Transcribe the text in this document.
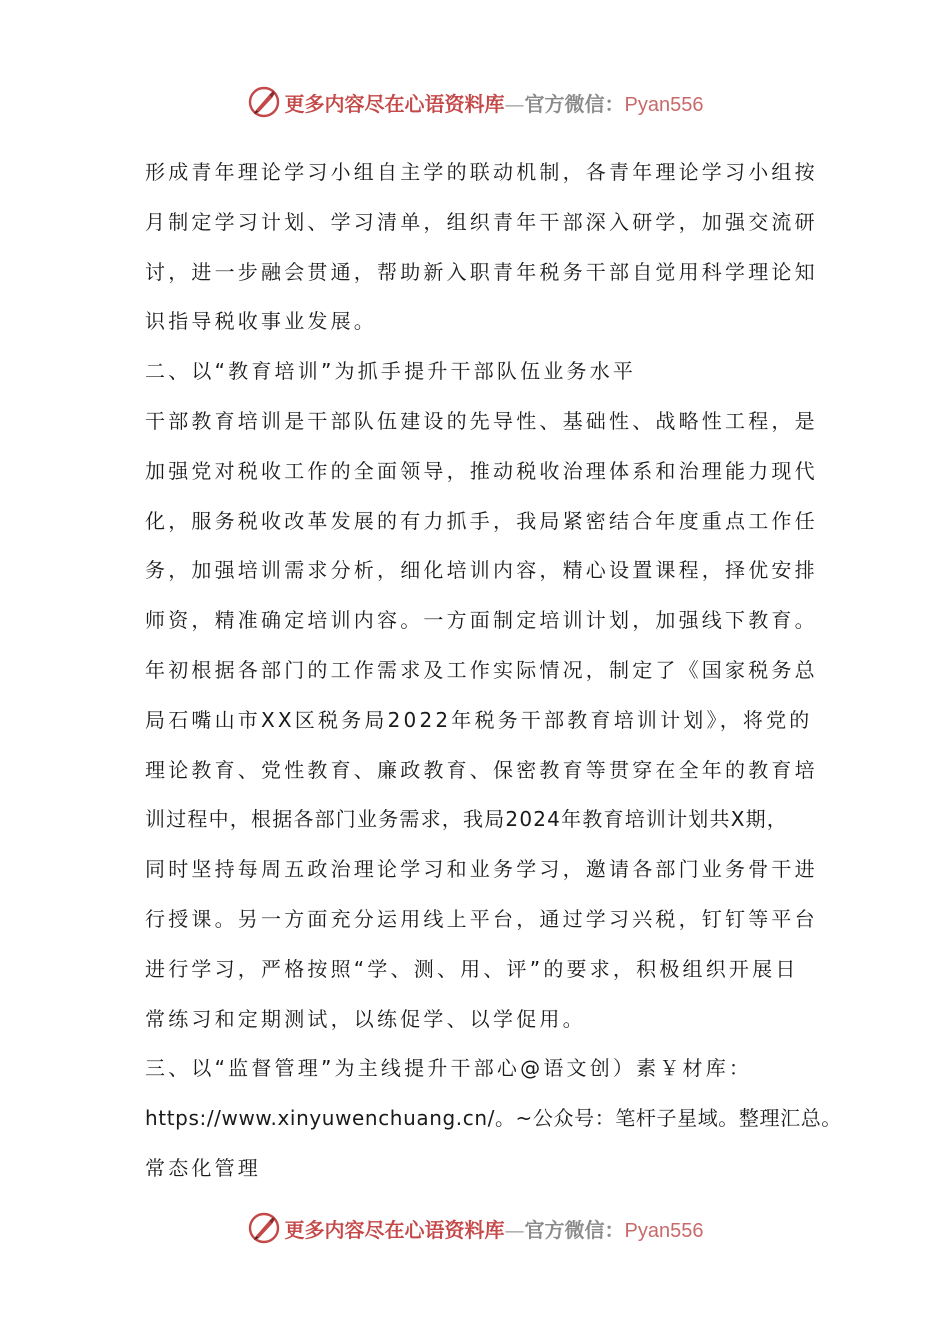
更多内容尽在心语资料库—官方微信：Pyan556
形成青年理论学习小组自主学的联动机制，各青年理论学习小组按
月制定学习计划、学习清单，组织青年干部深入研学，加强交流研
讨，进一步融会贯通，帮助新入职青年税务干部自觉用科学理论知
识指导税收事业发展。
二、以“教育培训”为抓手提升干部队伍业务水平
干部教育培训是干部队伍建设的先导性、基础性、战略性工程，是
加强党对税收工作的全面领导，推动税收治理体系和治理能力现代
化，服务税收改革发展的有力抓手，我局紧密结合年度重点工作任
务，加强培训需求分析，细化培训内容，精心设置课程，择优安排
师资，精准确定培训内容。一方面制定培训计划，加强线下教育。
年初根据各部门的工作需求及工作实际情况，制定了《国家税务总
局石嘴山市XX区税务局2022年税务干部教育培训计划》，将党的
理论教育、党性教育、廉政教育、保密教育等贯穿在全年的教育培
训过程中，根据各部门业务需求，我局2024年教育培训计划共X期，
同时坚持每周五政治理论学习和业务学习，邀请各部门业务骨干进
行授课。另一方面充分运用线上平台，通过学习兴税，钉钉等平台
进行学习，严格按照“学、测、用、评”的要求，积极组织开展日
常练习和定期测试，以练促学、以学促用。
三、以“监督管理”为主线提升干部心@语文创）素￥材库：
https://www.xinyuwenchuang.cn/。~公众号：笔杆子星域。整理汇总。
常态化管理
更多内容尽在心语资料库—官方微信：Pyan556
